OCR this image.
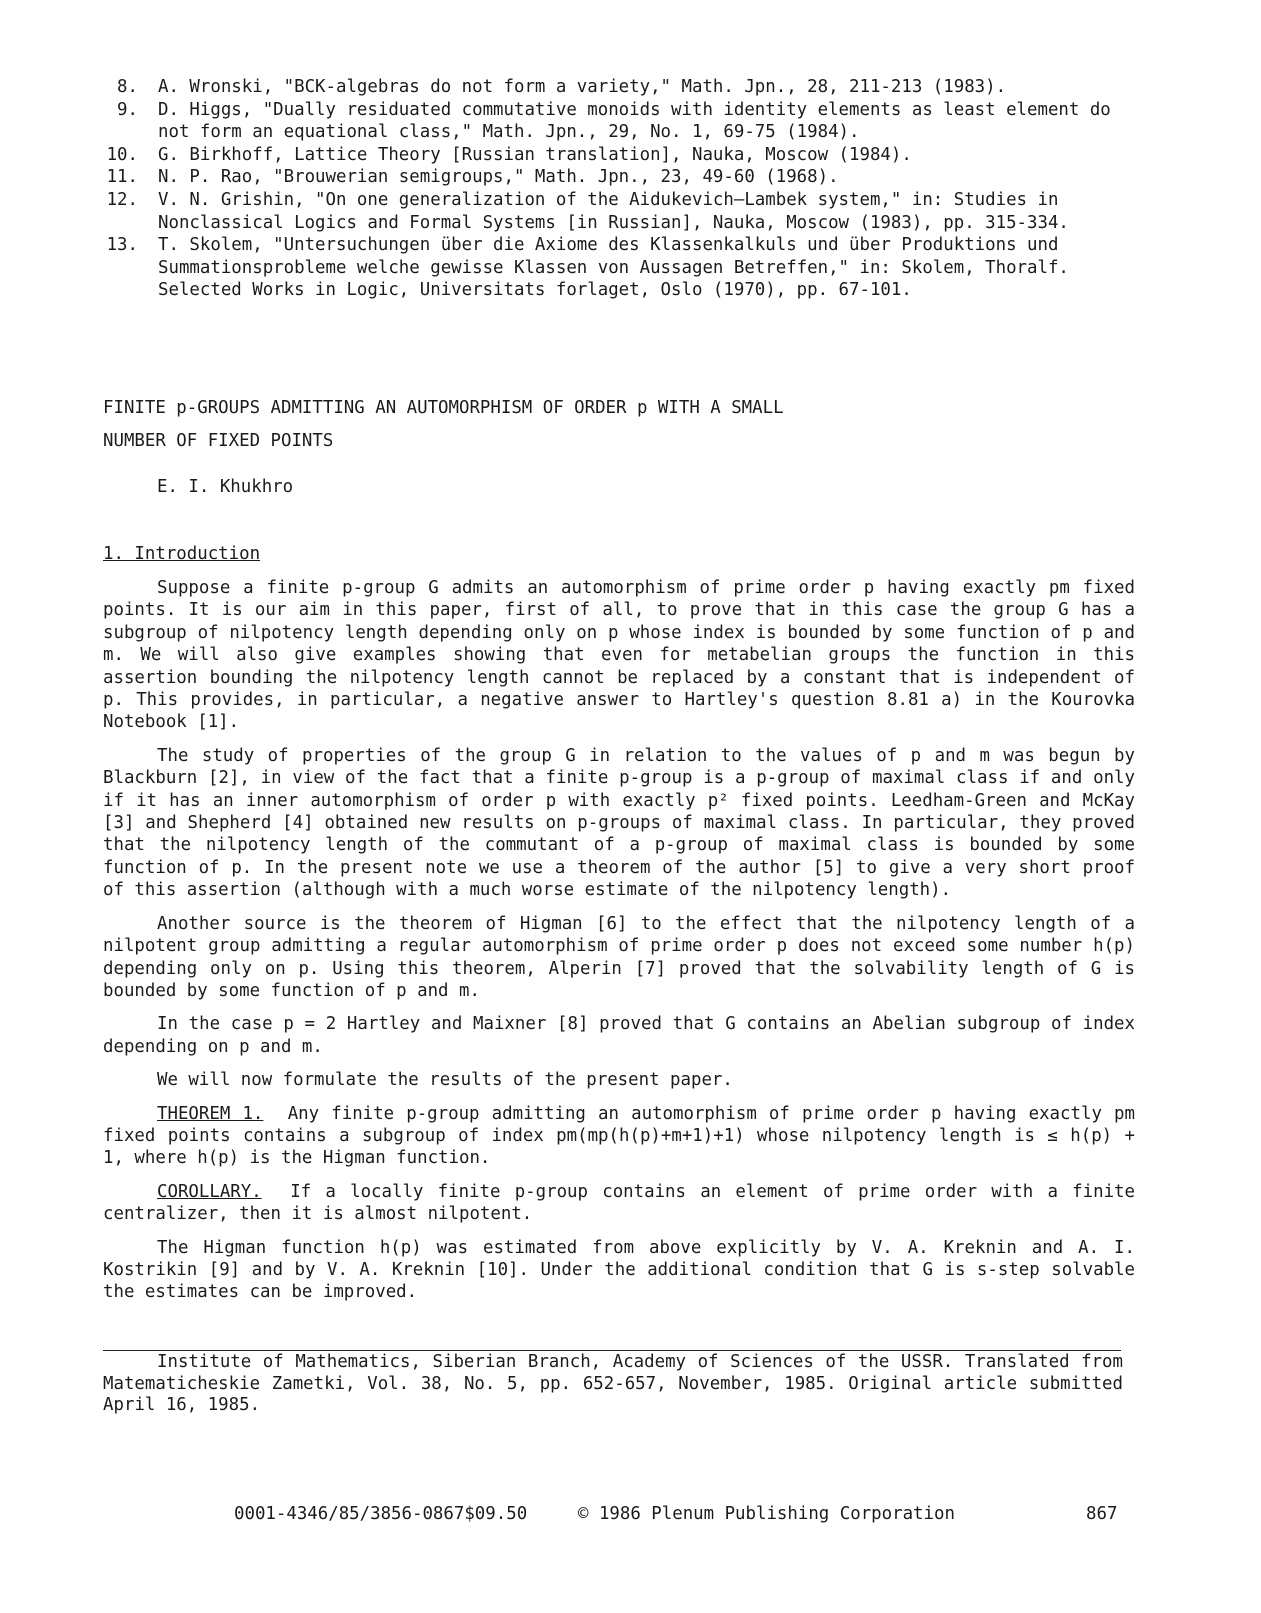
8. A. Wronski, "BCK-algebras do not form a variety," Math. Jpn., 28, 211-213 (1983).
9. D. Higgs, "Dually residuated commutative monoids with identity elements as least element do not form an equational class," Math. Jpn., 29, No. 1, 69-75 (1984).
10. G. Birkhoff, Lattice Theory [Russian translation], Nauka, Moscow (1984).
11. N. P. Rao, "Brouwerian semigroups," Math. Jpn., 23, 49-60 (1968).
12. V. N. Grishin, "On one generalization of the Aidukevich–Lambek system," in: Studies in Nonclassical Logics and Formal Systems [in Russian], Nauka, Moscow (1983), pp. 315-334.
13. T. Skolem, "Untersuchungen über die Axiome des Klassenkalkuls und über Produktions und Summationsprobleme welche gewisse Klassen von Aussagen Betreffen," in: Skolem, Thoralf. Selected Works in Logic, Universitats forlaget, Oslo (1970), pp. 67-101.
FINITE p-GROUPS ADMITTING AN AUTOMORPHISM OF ORDER p WITH A SMALL
NUMBER OF FIXED POINTS
E. I. Khukhro
1. Introduction

Suppose a finite p-group G admits an automorphism of prime order p having exactly pm fixed points. It is our aim in this paper, first of all, to prove that in this case the group G has a subgroup of nilpotency length depending only on p whose index is bounded by some function of p and m. We will also give examples showing that even for metabelian groups the function in this assertion bounding the nilpotency length cannot be replaced by a constant that is independent of p. This provides, in particular, a negative answer to Hartley's question 8.81 a) in the Kourovka Notebook [1].

The study of properties of the group G in relation to the values of p and m was begun by Blackburn [2], in view of the fact that a finite p-group is a p-group of maximal class if and only if it has an inner automorphism of order p with exactly p² fixed points. Leedham-Green and McKay [3] and Shepherd [4] obtained new results on p-groups of maximal class. In particular, they proved that the nilpotency length of the commutant of a p-group of maximal class is bounded by some function of p. In the present note we use a theorem of the author [5] to give a very short proof of this assertion (although with a much worse estimate of the nilpotency length).

Another source is the theorem of Higman [6] to the effect that the nilpotency length of a nilpotent group admitting a regular automorphism of prime order p does not exceed some number h(p) depending only on p. Using this theorem, Alperin [7] proved that the solvability length of G is bounded by some function of p and m.

In the case p = 2 Hartley and Maixner [8] proved that G contains an Abelian subgroup of index depending on p and m.

We will now formulate the results of the present paper.

THEOREM 1. Any finite p-group admitting an automorphism of prime order p having exactly pm fixed points contains a subgroup of index pm(mp(h(p)+m+1)+1) whose nilpotency length is ≤ h(p) + 1, where h(p) is the Higman function.

COROLLARY. If a locally finite p-group contains an element of prime order with a finite centralizer, then it is almost nilpotent.

The Higman function h(p) was estimated from above explicitly by V. A. Kreknin and A. I. Kostrikin [9] and by V. A. Kreknin [10]. Under the additional condition that G is s-step solvable the estimates can be improved.

Institute of Mathematics, Siberian Branch, Academy of Sciences of the USSR. Translated from Matematicheskie Zametki, Vol. 38, No. 5, pp. 652-657, November, 1985. Original article submitted April 16, 1985.
0001-4346/85/3856-0867$09.50	© 1986 Plenum Publishing Corporation	867
